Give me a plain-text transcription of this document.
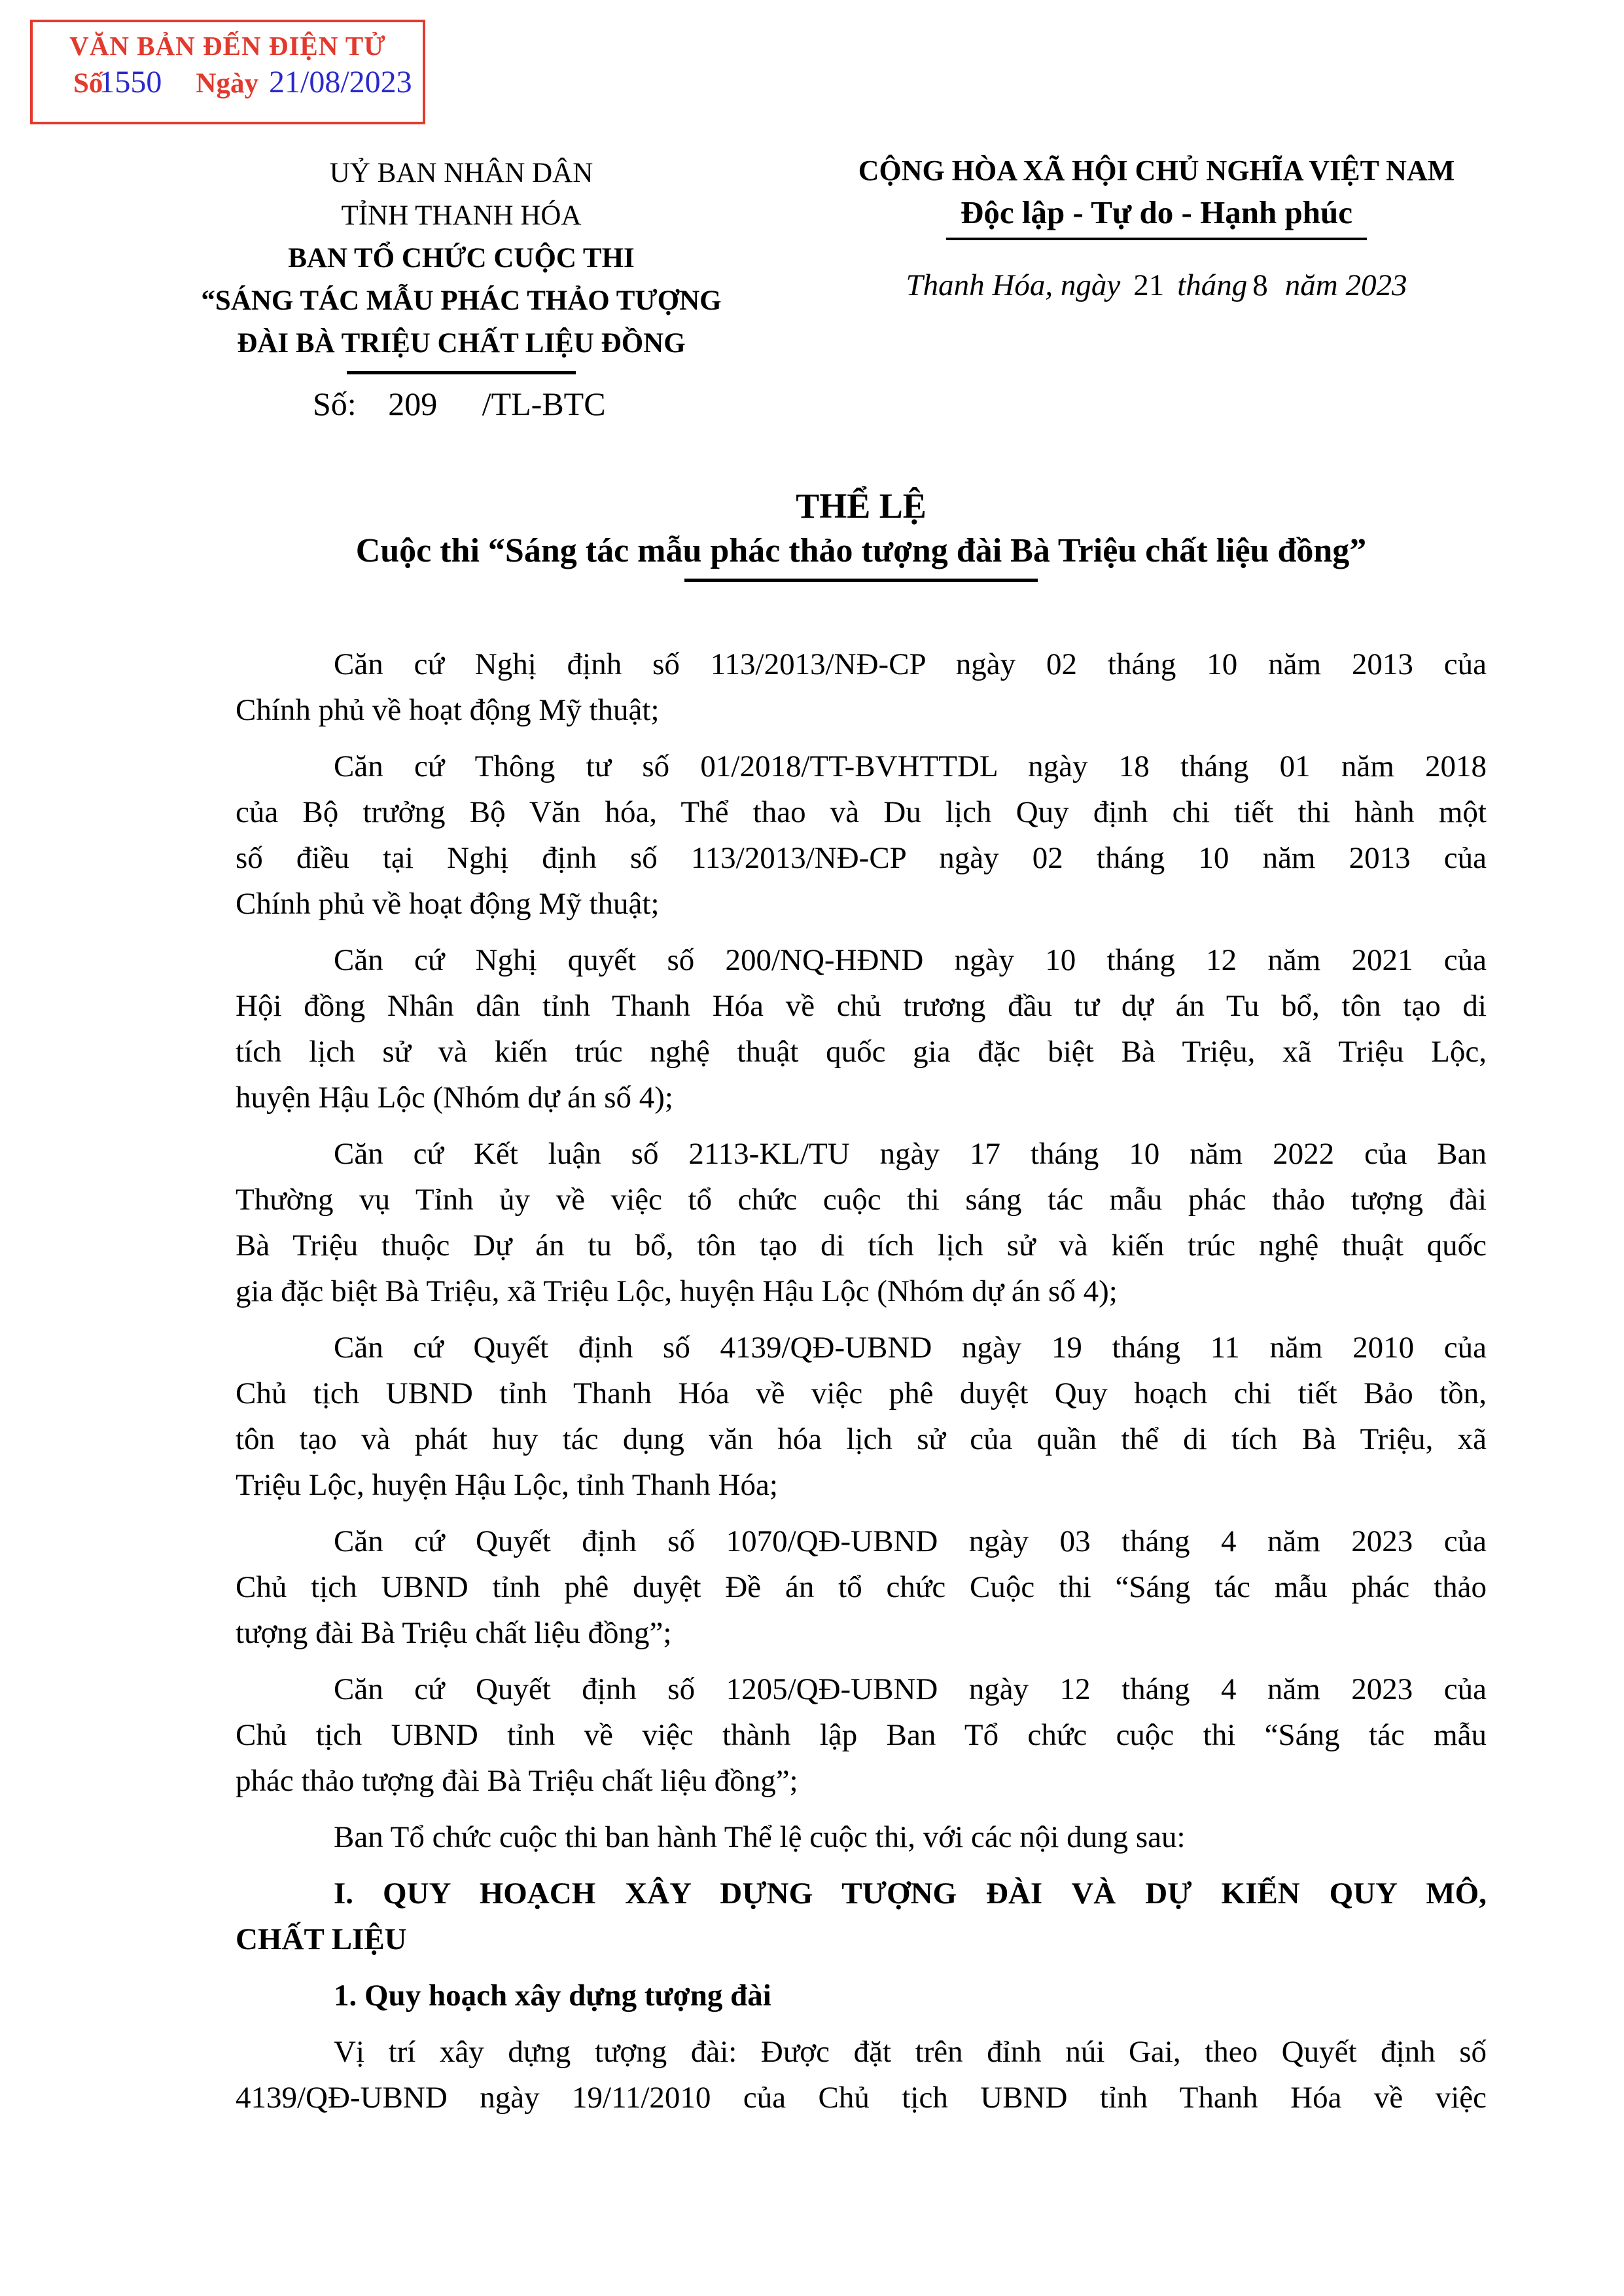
VĂN BẢN ĐẾN ĐIỆN TỬ
Số
1550 Ngày 21/08/2023
UỶ BAN NHÂN DÂN
TỈNH THANH HÓA
BAN TỔ CHỨC CUỘC THI
“SÁNG TÁC MẪU PHÁC THẢO TƯỢNG
ĐÀI BÀ TRIỆU CHẤT LIỆU ĐỒNG
Số: 209 /TL-BTC
CỘNG HÒA XÃ HỘI CHỦ NGHĨA VIỆT NAM
Độc lập - Tự do - Hạnh phúc
Thanh Hóa, ngày 21 tháng 8 năm 2023
THỂ LỆ
Cuộc thi “Sáng tác mẫu phác thảo tượng đài Bà Triệu chất liệu đồng”
Căn cứ Nghị định số 113/2013/NĐ-CP ngày 02 tháng 10 năm 2013 của
Chính phủ về hoạt động Mỹ thuật;
Căn cứ Thông tư số 01/2018/TT-BVHTTDL ngày 18 tháng 01 năm 2018
của Bộ trưởng Bộ Văn hóa, Thể thao và Du lịch Quy định chi tiết thi hành một
số điều tại Nghị định số 113/2013/NĐ-CP ngày 02 tháng 10 năm 2013 của
Chính phủ về hoạt động Mỹ thuật;
Căn cứ Nghị quyết số 200/NQ-HĐND ngày 10 tháng 12 năm 2021 của
Hội đồng Nhân dân tỉnh Thanh Hóa về chủ trương đầu tư dự án Tu bổ, tôn tạo di
tích lịch sử và kiến trúc nghệ thuật quốc gia đặc biệt Bà Triệu, xã Triệu Lộc,
huyện Hậu Lộc (Nhóm dự án số 4);
Căn cứ Kết luận số 2113-KL/TU ngày 17 tháng 10 năm 2022 của Ban
Thường vụ Tỉnh ủy về việc tổ chức cuộc thi sáng tác mẫu phác thảo tượng đài
Bà Triệu thuộc Dự án tu bổ, tôn tạo di tích lịch sử và kiến trúc nghệ thuật quốc
gia đặc biệt Bà Triệu, xã Triệu Lộc, huyện Hậu Lộc (Nhóm dự án số 4);
Căn cứ Quyết định số 4139/QĐ-UBND ngày 19 tháng 11 năm 2010 của
Chủ tịch UBND tỉnh Thanh Hóa về việc phê duyệt Quy hoạch chi tiết Bảo tồn,
tôn tạo và phát huy tác dụng văn hóa lịch sử của quần thể di tích Bà Triệu, xã
Triệu Lộc, huyện Hậu Lộc, tỉnh Thanh Hóa;
Căn cứ Quyết định số 1070/QĐ-UBND ngày 03 tháng 4 năm 2023 của
Chủ tịch UBND tỉnh phê duyệt Đề án tổ chức Cuộc thi “Sáng tác mẫu phác thảo
tượng đài Bà Triệu chất liệu đồng”;
Căn cứ Quyết định số 1205/QĐ-UBND ngày 12 tháng 4 năm 2023 của
Chủ tịch UBND tỉnh về việc thành lập Ban Tổ chức cuộc thi “Sáng tác mẫu
phác thảo tượng đài Bà Triệu chất liệu đồng”;
Ban Tổ chức cuộc thi ban hành Thể lệ cuộc thi, với các nội dung sau:
I. QUY HOẠCH XÂY DỰNG TƯỢNG ĐÀI VÀ DỰ KIẾN QUY MÔ,
CHẤT LIỆU
1. Quy hoạch xây dựng tượng đài
Vị trí xây dựng tượng đài: Được đặt trên đỉnh núi Gai, theo Quyết định số
4139/QĐ-UBND ngày 19/11/2010 của Chủ tịch UBND tỉnh Thanh Hóa về việc
